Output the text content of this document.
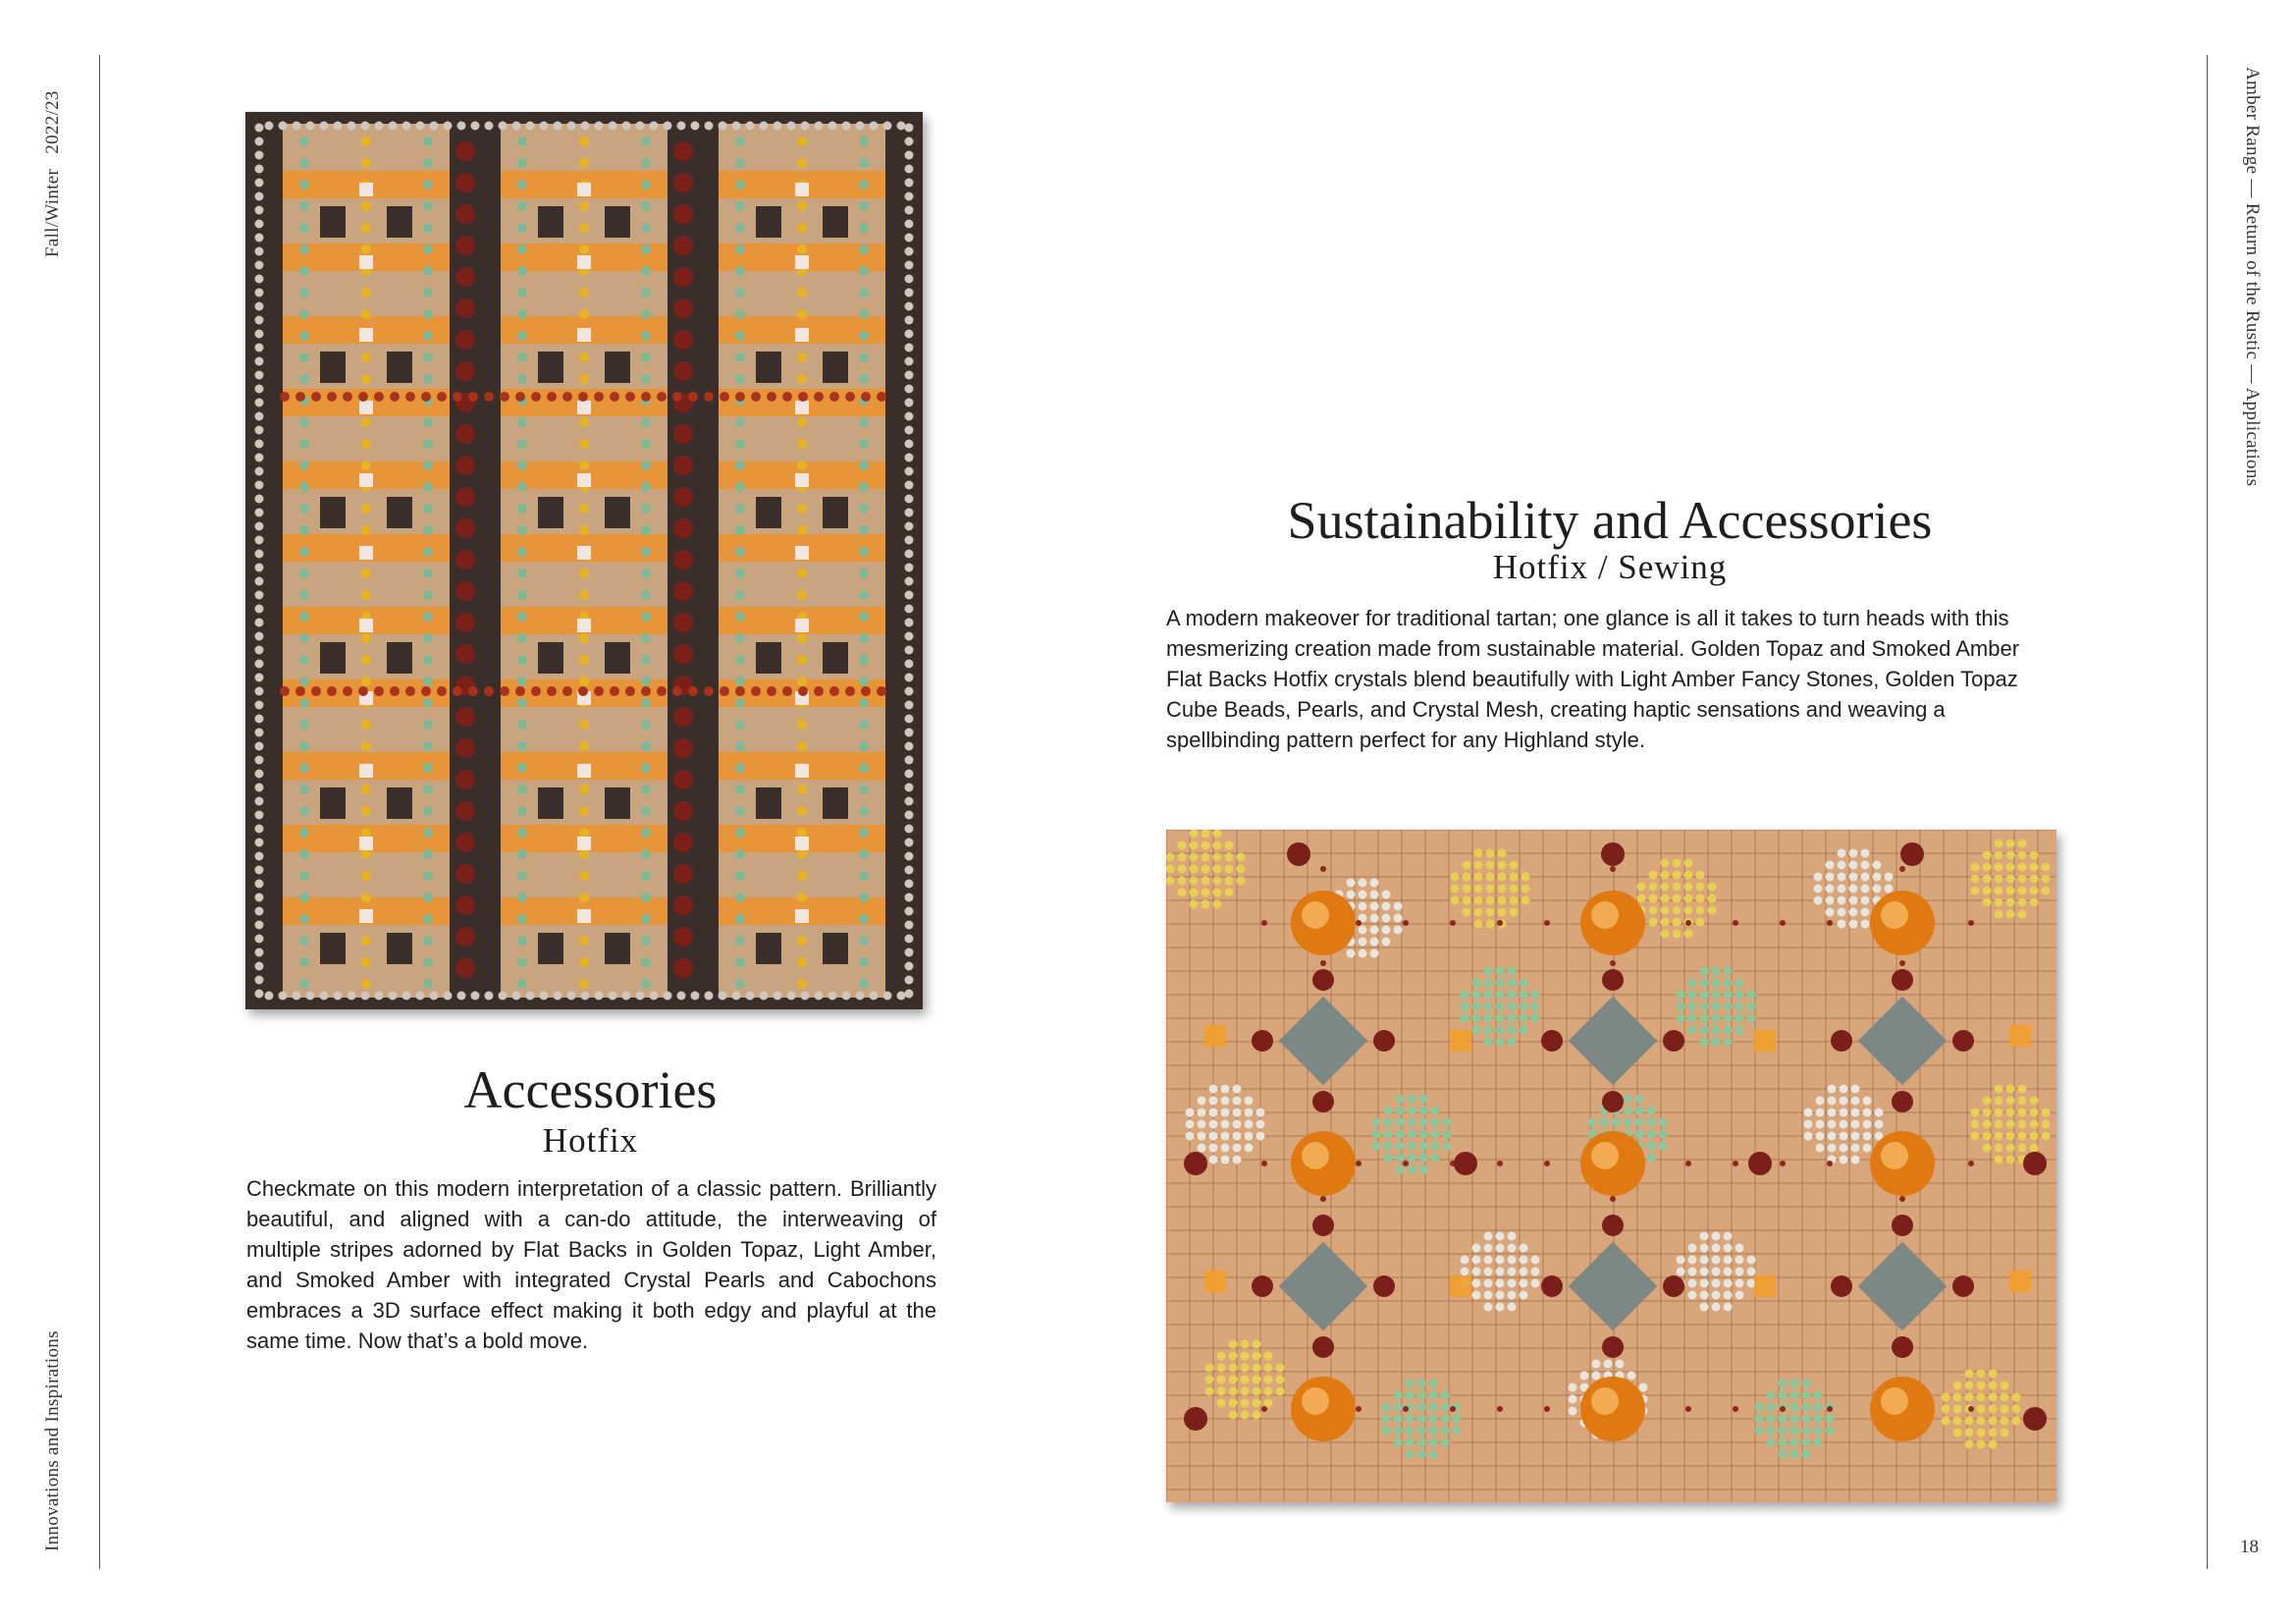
Fall/Winter   2022/23
Innovations and Inspirations
Amber Range — Return of the Rustic — Applications
18
Accessories
Hotfix
Checkmate on this modern interpretation of a classic pattern. Brilliantly beautiful, and aligned with a can-do attitude, the interweaving of multiple stripes adorned by Flat Backs in Golden Topaz, Light Amber, and Smoked Amber with integrated Crystal Pearls and Cabochons embraces a 3D surface effect making it both edgy and playful at the same time. Now that’s a bold move.
Sustainability and Accessories
Hotfix / Sewing
A modern makeover for traditional tartan; one glance is all it takes to turn heads with this mesmerizing creation made from sustainable material. Golden Topaz and Smoked Amber Flat Backs Hotfix crystals blend beautifully with Light Amber Fancy Stones, Golden Topaz Cube Beads, Pearls, and Crystal Mesh, creating haptic sensations and weaving a spellbinding pattern perfect for any Highland style.
